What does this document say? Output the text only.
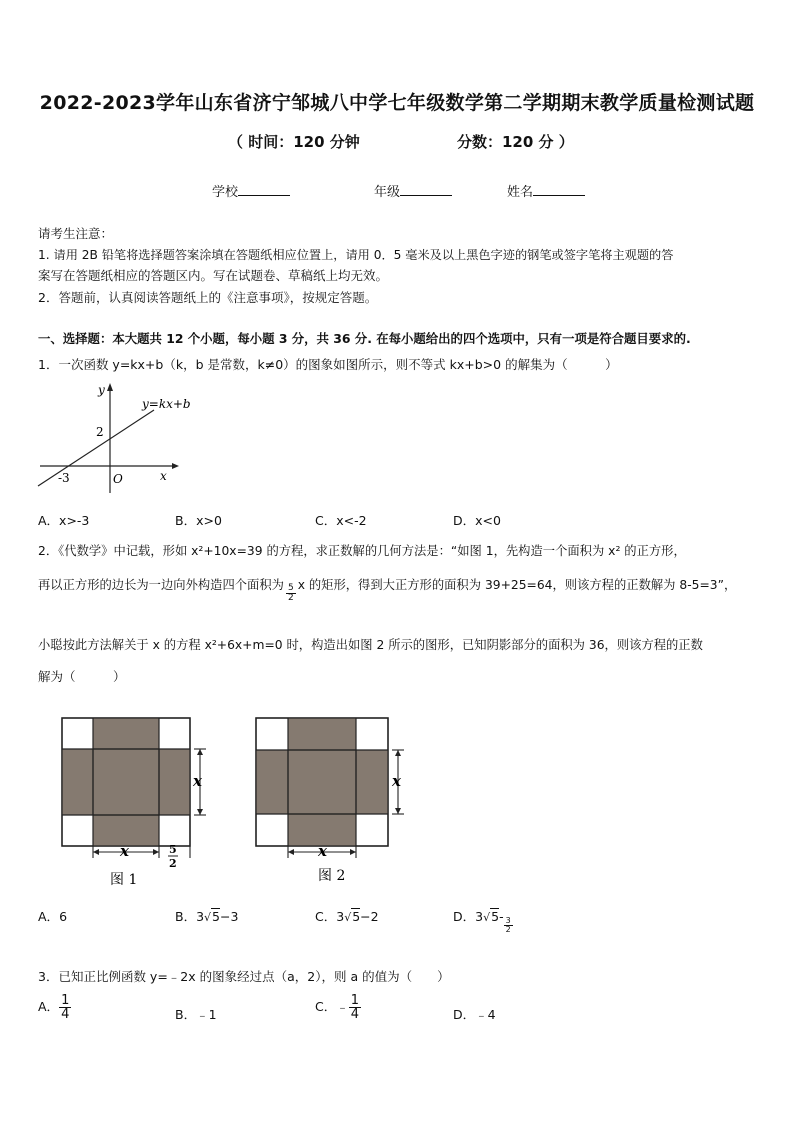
2022-2023学年山东省济宁邹城八中学七年级数学第二学期期末教学质量检测试题
（ 时间：120 分钟	分数：120 分 ）
学校	年级	姓名
请考生注意：
1. 请用 2B 铅笔将选择题答案涂填在答题纸相应位置上，请用 0．5 毫米及以上黑色字迹的钢笔或签字笔将主观题的答
案写在答题纸相应的答题区内。写在试题卷、草稿纸上均无效。
2．答题前，认真阅读答题纸上的《注意事项》，按规定答题。
一、选择题：本大题共 12 个小题，每小题 3 分，共 36 分. 在每小题给出的四个选项中，只有一项是符合题目要求的.
1．一次函数 y=kx+b（k，b 是常数，k≠0）的图象如图所示，则不等式 kx+b>0 的解集为（　　　）
y
x
O
y=kx+b
2
-3
A．x>-3	B．x>0	C．x<-2	D．x<0
2．《代数学》中记载，形如 x²+10x=39 的方程，求正数解的几何方法是：“如图 1，先构造一个面积为 x² 的正方形，
再以正方形的边长为一边向外构造四个面积为 $\frac{5}{2}$ x 的矩形，得到大正方形的面积为 39+25=64，则该方程的正数解为 8-5=3”，
小聪按此方法解关于 x 的方程 x²+6x+m=0 时，构造出如图 2 所示的图形，已知阴影部分的面积为 36，则该方程的正数
解为（　　　）
x
x	5
2
图 1
x
x
图 2
A．6	B．3√5−3	C．3√5−2	D．3√5-
$\frac{3}{2}$
3．已知正比例函数 y=﹣2x 的图象经过点（a，2），则 a 的值为（　　）
A． $\frac{1}{4}$	B．﹣1
C．﹣ $\frac{1}{4}$	D．﹣4
